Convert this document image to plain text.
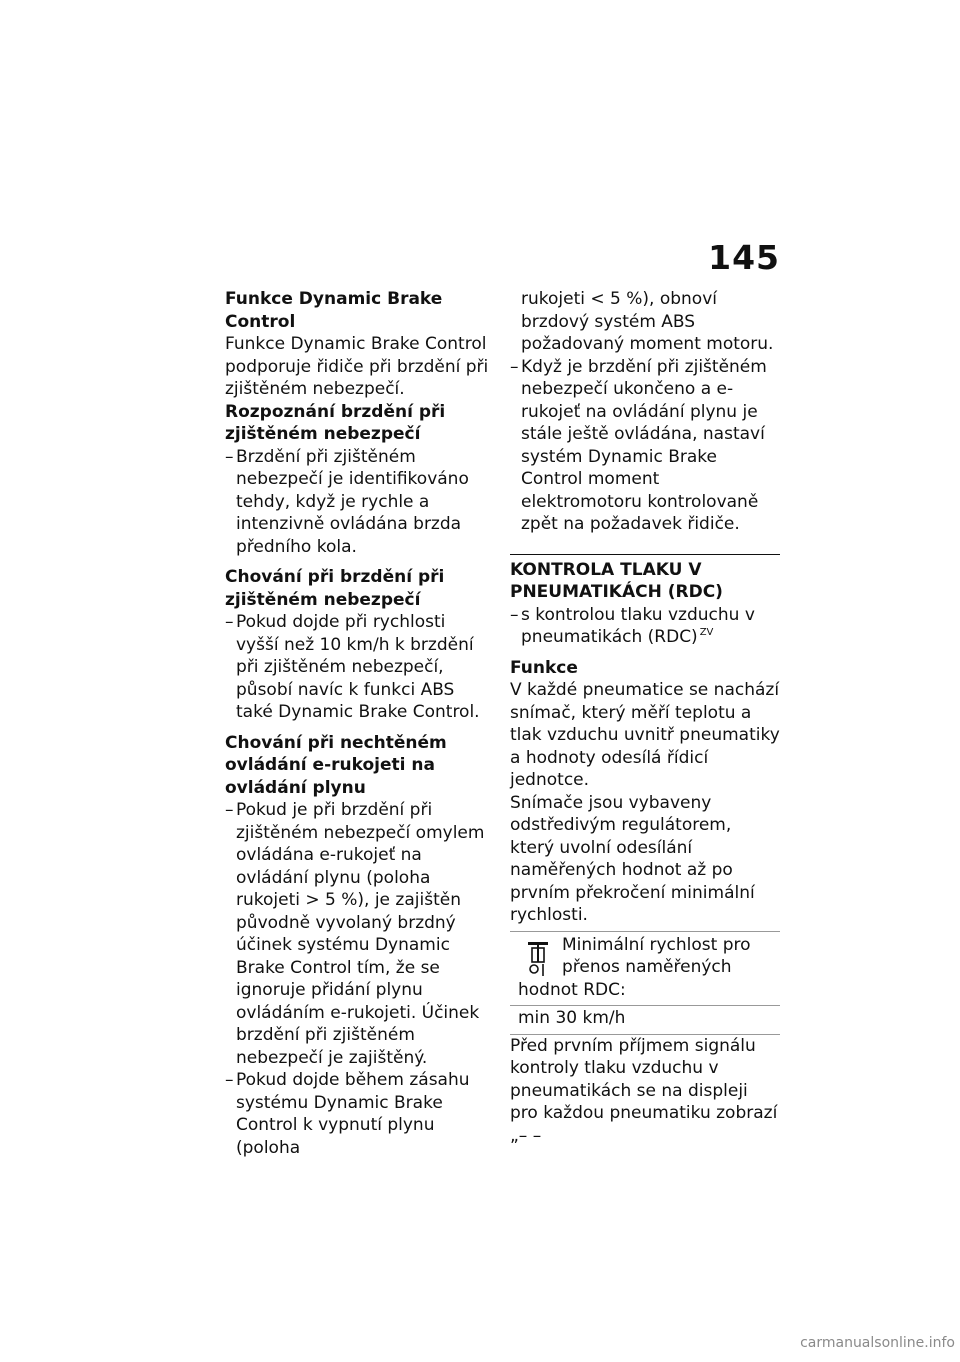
145

Funkce Dynamic Brake Control

Funkce Dynamic Brake Control podporuje řidiče při brzdění při zjištěném nebezpečí.

Rozpoznání brzdění při zjištěném nebezpečí

– Brzdění při zjištěném nebezpečí je identifikováno tehdy, když je rychle a intenzivně ovládána brzda předního kola.

Chování při brzdění při zjištěném nebezpečí

– Pokud dojde při rychlosti vyšší než 10 km/h k brzdění při zjištěném nebezpečí, působí navíc k funkci ABS také Dynamic Brake Control.

Chování při nechtěném ovládání e-rukojeti na ovládání plynu

– Pokud je při brzdění při zjištěném nebezpečí omylem ovládána e-rukojeť na ovládání plynu (poloha rukojeti > 5 %), je zajištěn původně vyvolaný brzdný účinek systému Dynamic Brake Control tím, že se ignoruje přidání plynu ovládáním e-rukojeti. Účinek brzdění při zjištěném nebezpečí je zajištěný.

– Pokud dojde během zásahu systému Dynamic Brake Control k vypnutí plynu (poloha

rukojeti < 5 %), obnoví brzdový systém ABS požadovaný moment motoru.

– Když je brzdění při zjištěném nebezpečí ukončeno a e-rukojeť na ovládání plynu je stále ještě ovládána, nastaví systém Dynamic Brake Control moment elektromotoru kontrolovaně zpět na požadavek řidiče.

KONTROLA TLAKU V PNEUMATIKÁCH (RDC)

– s kontrolou tlaku vzduchu v pneumatikách (RDC) $^{ZV}$

Funkce

V každé pneumatice se nachází snímač, který měří teplotu a tlak vzduchu uvnitř pneumatiky a hodnoty odesílá řídicí jednotce.

Snímače jsou vybaveny odstředivým regulátorem, který uvolní odesílání naměřených hodnot až po prvním překročení minimální rychlosti.

Minimální rychlost pro přenos naměřených

hodnot RDC:

min 30 km/h

Před prvním příjmem signálu kontroly tlaku vzduchu v pneumatikách se na displeji pro každou pneumatiku zobrazí „– –

carmanualsonline.info
